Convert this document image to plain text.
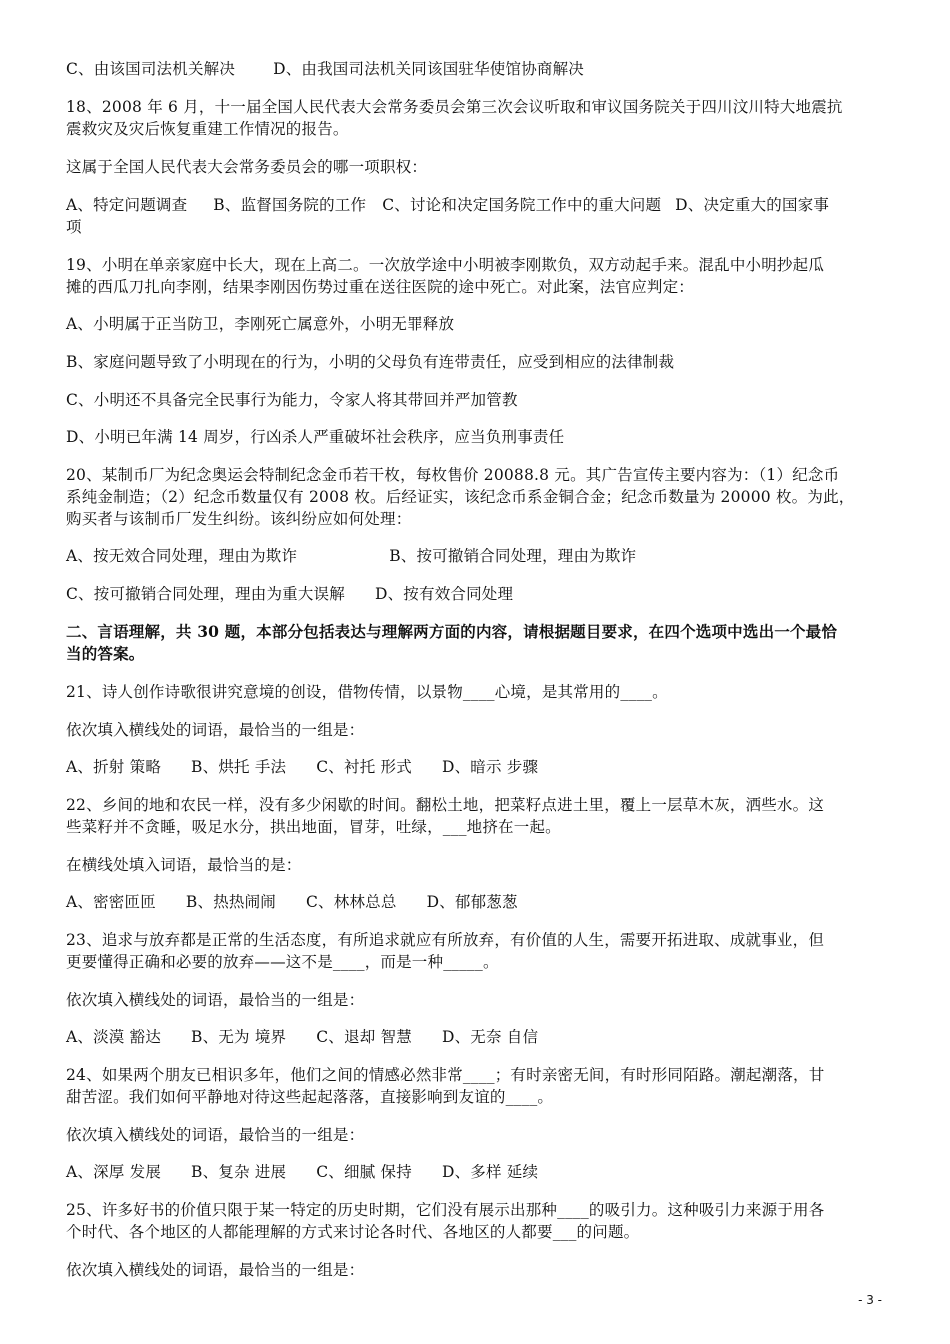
C、由该国司法机关解决 D、由我国司法机关同该国驻华使馆协商解决
18、2008 年 6 月，十一届全国人民代表大会常务委员会第三次会议听取和审议国务院关于四川汶川特大地震抗
震救灾及灾后恢复重建工作情况的报告。
这属于全国人民代表大会常务委员会的哪一项职权：
A、特定问题调查 B、监督国务院的工作 C、讨论和决定国务院工作中的重大问题 D、决定重大的国家事
项
19、小明在单亲家庭中长大，现在上高二。一次放学途中小明被李刚欺负，双方动起手来。混乱中小明抄起瓜
摊的西瓜刀扎向李刚，结果李刚因伤势过重在送往医院的途中死亡。对此案，法官应判定：
A、小明属于正当防卫，李刚死亡属意外，小明无罪释放
B、家庭问题导致了小明现在的行为，小明的父母负有连带责任，应受到相应的法律制裁
C、小明还不具备完全民事行为能力，令家人将其带回并严加管教
D、小明已年满 14 周岁，行凶杀人严重破坏社会秩序，应当负刑事责任
20、某制币厂为纪念奥运会特制纪念金币若干枚，每枚售价 20088.8 元。其广告宣传主要内容为：（1）纪念币
系纯金制造；（2）纪念币数量仅有 2008 枚。后经证实，该纪念币系金铜合金；纪念币数量为 20000 枚。为此，
购买者与该制币厂发生纠纷。该纠纷应如何处理：
A、按无效合同处理，理由为欺诈	B、按可撤销合同处理，理由为欺诈
C、按可撤销合同处理，理由为重大误解 D、按有效合同处理
二、言语理解，共 30 题，本部分包括表达与理解两方面的内容，请根据题目要求，在四个选项中选出一个最恰
当的答案。
21、诗人创作诗歌很讲究意境的创设，借物传情，以景物____心境，是其常用的____。
依次填入横线处的词语，最恰当的一组是：
A、折射 策略 B、烘托 手法 C、衬托 形式 D、暗示 步骤
22、乡间的地和农民一样，没有多少闲歇的时间。翻松土地，把菜籽点进土里，覆上一层草木灰，洒些水。这
些菜籽并不贪睡，吸足水分，拱出地面，冒芽，吐绿，___地挤在一起。
在横线处填入词语，最恰当的是：
A、密密匝匝 B、热热闹闹 C、林林总总 D、郁郁葱葱
23、追求与放弃都是正常的生活态度，有所追求就应有所放弃，有价值的人生，需要开拓进取、成就事业，但
更要懂得正确和必要的放弃——这不是____，而是一种_____。
依次填入横线处的词语，最恰当的一组是：
A、淡漠 豁达 B、无为 境界 C、退却 智慧 D、无奈 自信
24、如果两个朋友已相识多年，他们之间的情感必然非常____；有时亲密无间，有时形同陌路。潮起潮落，甘
甜苦涩。我们如何平静地对待这些起起落落，直接影响到友谊的____。
依次填入横线处的词语，最恰当的一组是：
A、深厚 发展 B、复杂 进展 C、细腻 保持 D、多样 延续
25、许多好书的价值只限于某一特定的历史时期，它们没有展示出那种____的吸引力。这种吸引力来源于用各
个时代、各个地区的人都能理解的方式来讨论各时代、各地区的人都要___的问题。
依次填入横线处的词语，最恰当的一组是：
- 3 -
